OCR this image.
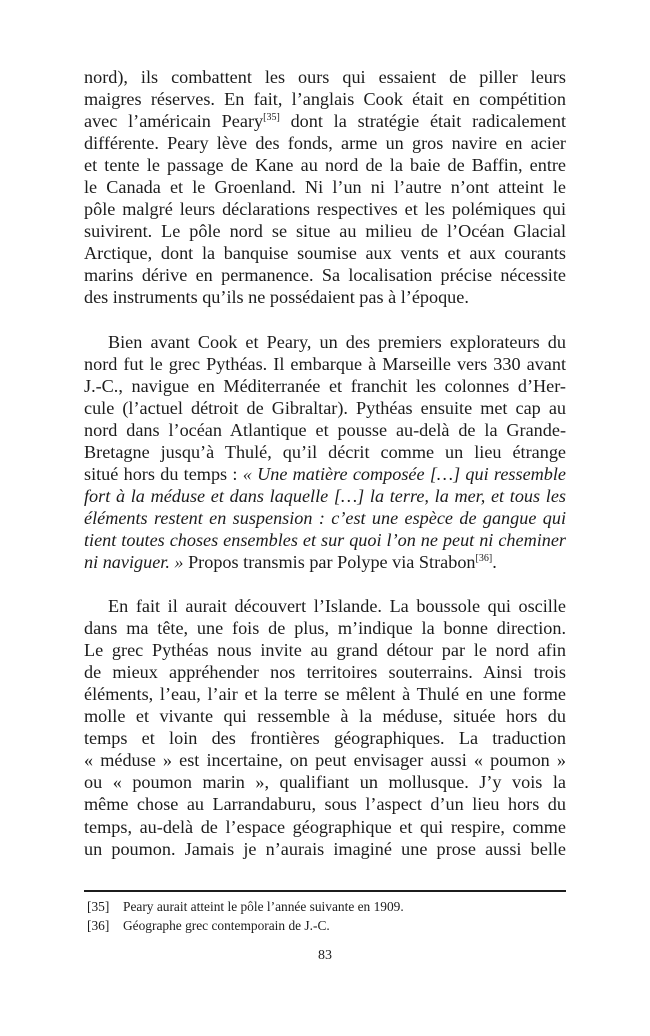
nord), ils combattent les ours qui essaient de piller leurs
maigres réserves. En fait, l’anglais Cook était en compétition
avec l’américain Peary[35] dont la stratégie était radicalement
différente. Peary lève des fonds, arme un gros navire en acier
et tente le passage de Kane au nord de la baie de Baffin, entre
le Canada et le Groenland. Ni l’un ni l’autre n’ont atteint le
pôle malgré leurs déclarations respectives et les polémiques qui
suivirent. Le pôle nord se situe au milieu de l’Océan Glacial
Arctique, dont la banquise soumise aux vents et aux courants
marins dérive en permanence. Sa localisation précise nécessite
des instruments qu’ils ne possédaient pas à l’époque.
Bien avant Cook et Peary, un des premiers explorateurs du
nord fut le grec Pythéas. Il embarque à Marseille vers 330 avant
J.-C., navigue en Méditerranée et franchit les colonnes d’Her-
cule (l’actuel détroit de Gibraltar). Pythéas ensuite met cap au
nord dans l’océan Atlantique et pousse au-delà de la Grande-
Bretagne jusqu’à Thulé, qu’il décrit comme un lieu étrange
situé hors du temps : « Une matière composée […] qui ressemble
fort à la méduse et dans laquelle […] la terre, la mer, et tous les
éléments restent en suspension : c’est une espèce de gangue qui
tient toutes choses ensembles et sur quoi l’on ne peut ni cheminer
ni naviguer. » Propos transmis par Polype via Strabon[36].
En fait il aurait découvert l’Islande. La boussole qui oscille
dans ma tête, une fois de plus, m’indique la bonne direction.
Le grec Pythéas nous invite au grand détour par le nord afin
de mieux appréhender nos territoires souterrains. Ainsi trois
éléments, l’eau, l’air et la terre se mêlent à Thulé en une forme
molle et vivante qui ressemble à la méduse, située hors du
temps et loin des frontières géographiques. La traduction
« méduse » est incertaine, on peut envisager aussi « poumon »
ou « poumon marin », qualifiant un mollusque. J’y vois la
même chose au Larrandaburu, sous l’aspect d’un lieu hors du
temps, au-delà de l’espace géographique et qui respire, comme
un poumon. Jamais je n’aurais imaginé une prose aussi belle
[35]	Peary aurait atteint le pôle l’année suivante en 1909.
[36]	Géographe grec contemporain de J.-C.
83
